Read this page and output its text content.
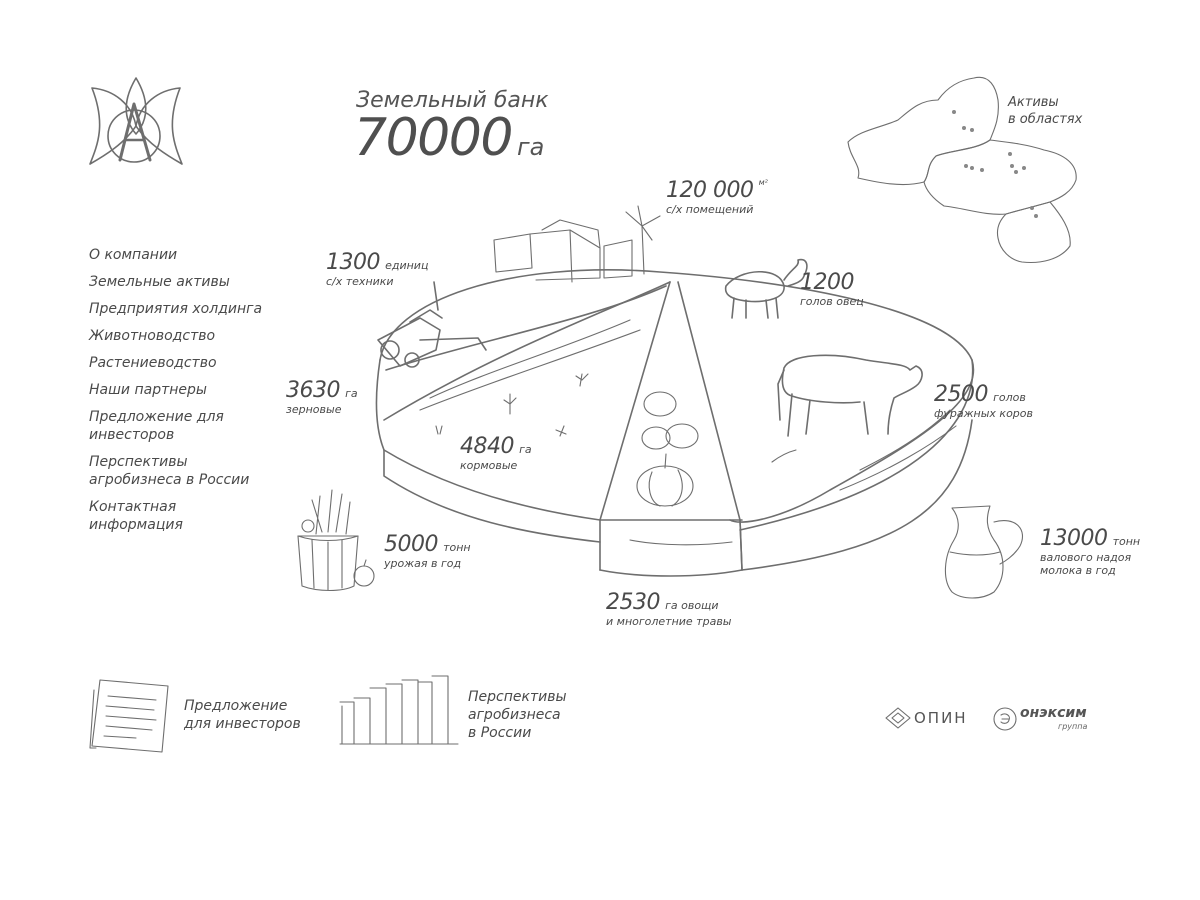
Земельный банк
70000 га
Активы
в областях
О компании
Земельные активы
Предприятия холдинга
Животноводство
Растениеводство
Наши партнеры
Предложение для
инвесторов
Перспективы
агробизнеса в России
Контактная
информация
120 000 $^{м^2}$
с/х помещений
1300 единиц
с/х техники	1200
голов овец
3630 га
зерновые
4840 га
кормовые
2500 голов
фуражных коров
5000 тонн
урожая в год
13000 тонн
валового надоя
молока в год
2530 га овощи
и многолетние травы
Предложение
для инвесторов
Перспективы
агробизнеса
в России
ОПИН	онэксим
группа
